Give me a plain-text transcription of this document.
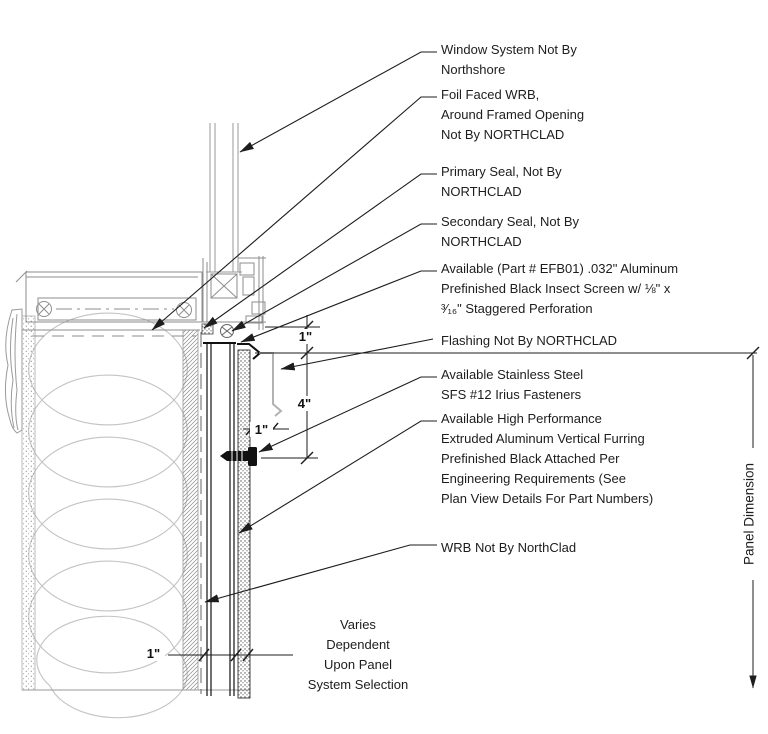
Window System Not By
Northshore
Foil Faced WRB,
Around Framed Opening
Not By NORTHCLAD
Primary Seal, Not By
NORTHCLAD
Secondary Seal, Not By
NORTHCLAD
Available (Part # EFB01) .032" Aluminum
Prefinished Black Insect Screen w/ ⅛" x
³⁄₁₆" Staggered Perforation
Flashing Not By NORTHCLAD
Available Stainless Steel
SFS #12 Irius Fasteners
Available High Performance
Extruded Aluminum Vertical Furring
Prefinished Black Attached Per
Engineering Requirements (See
Plan View Details For Part Numbers)
WRB Not By NorthClad
Varies
Dependent
Upon Panel
System Selection
1"
4"
1"
1"
Panel Dimension
